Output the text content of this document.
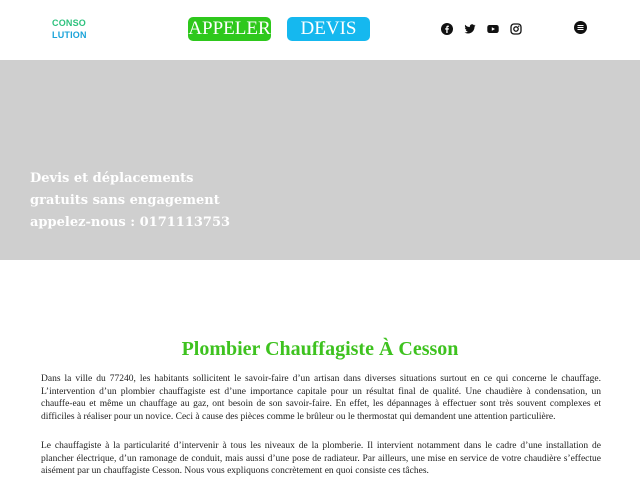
CONSO
LUTION	APPELER	DEVIS
Devis et déplacements
gratuits sans engagement
appelez-nous : 0171113753
Plombier Chauffagiste À Cesson

Dans la ville du 77240, les habitants sollicitent le savoir-faire d’un artisan dans diverses situations surtout en ce qui concerne le chauffage. L’intervention d’un plombier chauffagiste est d’une importance capitale pour un résultat final de qualité. Une chaudière à condensation, un chauffe-eau et même un chauffage au gaz, ont besoin de son savoir-faire. En effet, les dépannages à effectuer sont très souvent complexes et difficiles à réaliser pour un novice. Ceci à cause des pièces comme le brûleur ou le thermostat qui demandent une attention particulière.

Le chauffagiste à la particularité d’intervenir à tous les niveaux de la plomberie. Il intervient notamment dans le cadre d’une installation de plancher électrique, d’un ramonage de conduit, mais aussi d’une pose de radiateur. Par ailleurs, une mise en service de votre chaudière s’effectue aisément par un chauffagiste Cesson. Nous vous expliquons concrètement en quoi consiste ces tâches.
